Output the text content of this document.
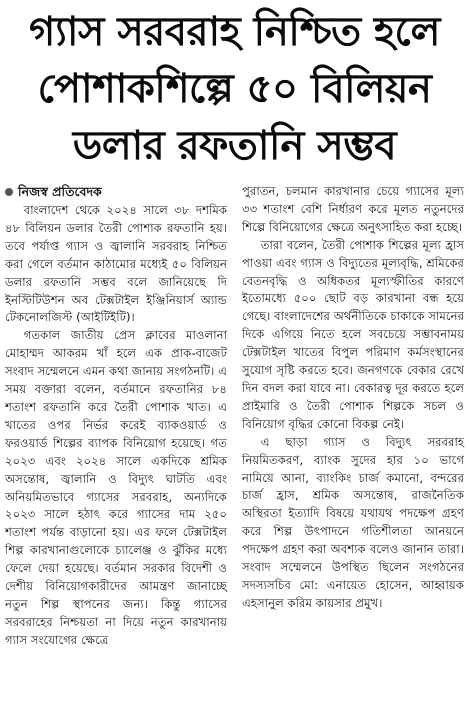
গ্যাস সরবরাহ নিশ্চিত হলে পোশাকশিল্পে ৫০ বিলিয়ন ডলার রফতানি সম্ভব
নিজস্ব প্রতিবেদক

বাংলাদেশ থেকে ২০২৪ সালে ৩৮ দশমিক ৪৮ বিলিয়ন ডলার তৈরী পোশাক রফতানি হয়। তবে পর্যাপ্ত গ্যাস ও জ্বালানি সরবরাহ নিশ্চিত করা গেলে বর্তমান কাঠামোর মধ্যেই ৫০ বিলিয়ন ডলার রফতানি সম্ভব বলে জানিয়েছে দি ইনস্টিটিউশন অব টেক্সটাইল ইঞ্জিনিয়ার্স অ্যান্ড টেকনোলজিস্ট (আইটিইটি)।

গতকাল জাতীয় প্রেস ক্লাবের মাওলানা মোহাম্মদ আকরম খাঁ হলে এক প্রাক-বাজেট সংবাদ সম্মেলনে এমন কথা জানায় সংগঠনটি। এ সময় বক্তারা বলেন, বর্তমানে রফতানির ৮৪ শতাংশ রফতানি করে তৈরী পোশাক খাত। এ খাতের ওপর নির্ভর করেই ব্যাকওয়ার্ড ও ফরওয়ার্ড শিল্পের ব্যাপক বিনিয়োগ হয়েছে। গত ২০২৩ এবং ২০২৪ সালে একদিকে শ্রমিক অসন্তোষ, জ্বালানি ও বিদ্যুৎ ঘাটতি এবং অনিয়মিতভাবে গ্যাসের সরবরাহ, অন্যদিকে ২০২৩ সালে হঠাৎ করে গ্যাসের দাম ২৫০ শতাংশ পর্যন্ত বাড়ানো হয়। এর ফলে টেক্সটাইল শিল্প কারখানাগুলোকে চ্যালেঞ্জ ও ঝুঁকির মধ্যে ফেলে দেয়া হয়েছে। বর্তমান সরকার বিদেশী ও দেশীয় বিনিয়োগকারীদের আমন্ত্রণ জানাচ্ছে নতুন শিল্প স্থাপনের জন্য। কিন্তু গ্যাসের সরবরাহের নিশ্চয়তা না দিয়ে নতুন কারখানায় গ্যাস সংযোগের ক্ষেত্রে

পুরাতন, চলমান কারখানার চেয়ে গ্যাসের মূল্য ৩৩ শতাংশ বেশি নির্ধারণ করে মূলত নতুনদের শিল্পে বিনিয়োগের ক্ষেত্রে অনুৎসাহিত করা হচ্ছে।

তারা বলেন, তৈরী পোশাক শিল্পের মূল্য হ্রাস পাওয়া এবং গ্যাস ও বিদ্যুতের মূল্যবৃদ্ধি, শ্রমিকের বেতনবৃদ্ধি ও অধিকতর মূল্যস্ফীতির কারণে ইতোমধ্যে ৫০০ ছোট বড় কারখানা বন্ধ হয়ে গেছে। বাংলাদেশের অর্থনীতিকে চাকাকে সামনের দিকে এগিয়ে নিতে হলে সবচেয়ে সম্ভাবনাময় টেক্সটাইল খাতের বিপুল পরিমাণ কর্মসংস্থানের সুযোগ সৃষ্টি করতে হবে। জনগণকে বেকার রেখে দিন বদল করা যাবে না। বেকারত্ব দূর করতে হলে প্রাইমারি ও তৈরী পোশাক শিল্পকে সচল ও বিনিয়োগ বৃদ্ধির কোনো বিকল্প নেই।

এ ছাড়া গ্যাস ও বিদ্যুৎ সরবরাহ নিয়মিতকরণ, ব্যাংক সুদের হার ১০ ভাগে নামিয়ে আনা, ব্যাংকিং চার্জ কমানো, বন্দরের চার্জ হ্রাস, শ্রমিক অসন্তোষ, রাজনৈতিক অস্থিরতা ইত্যাদি বিষয়ে যথাযথ পদক্ষেপ গ্রহণ করে শিল্প উৎপাদনে গতিশীলতা আনয়নে পদক্ষেপ গ্রহণ করা অবশ্যক বলেও জানান তারা। সংবাদ সম্মেলনে উপস্থিত ছিলেন সংগঠনের সদস্যসচিব মো: এনায়েত হোসেন, আহ্বায়ক এহসানুল করিম কায়সার প্রমুখ।
